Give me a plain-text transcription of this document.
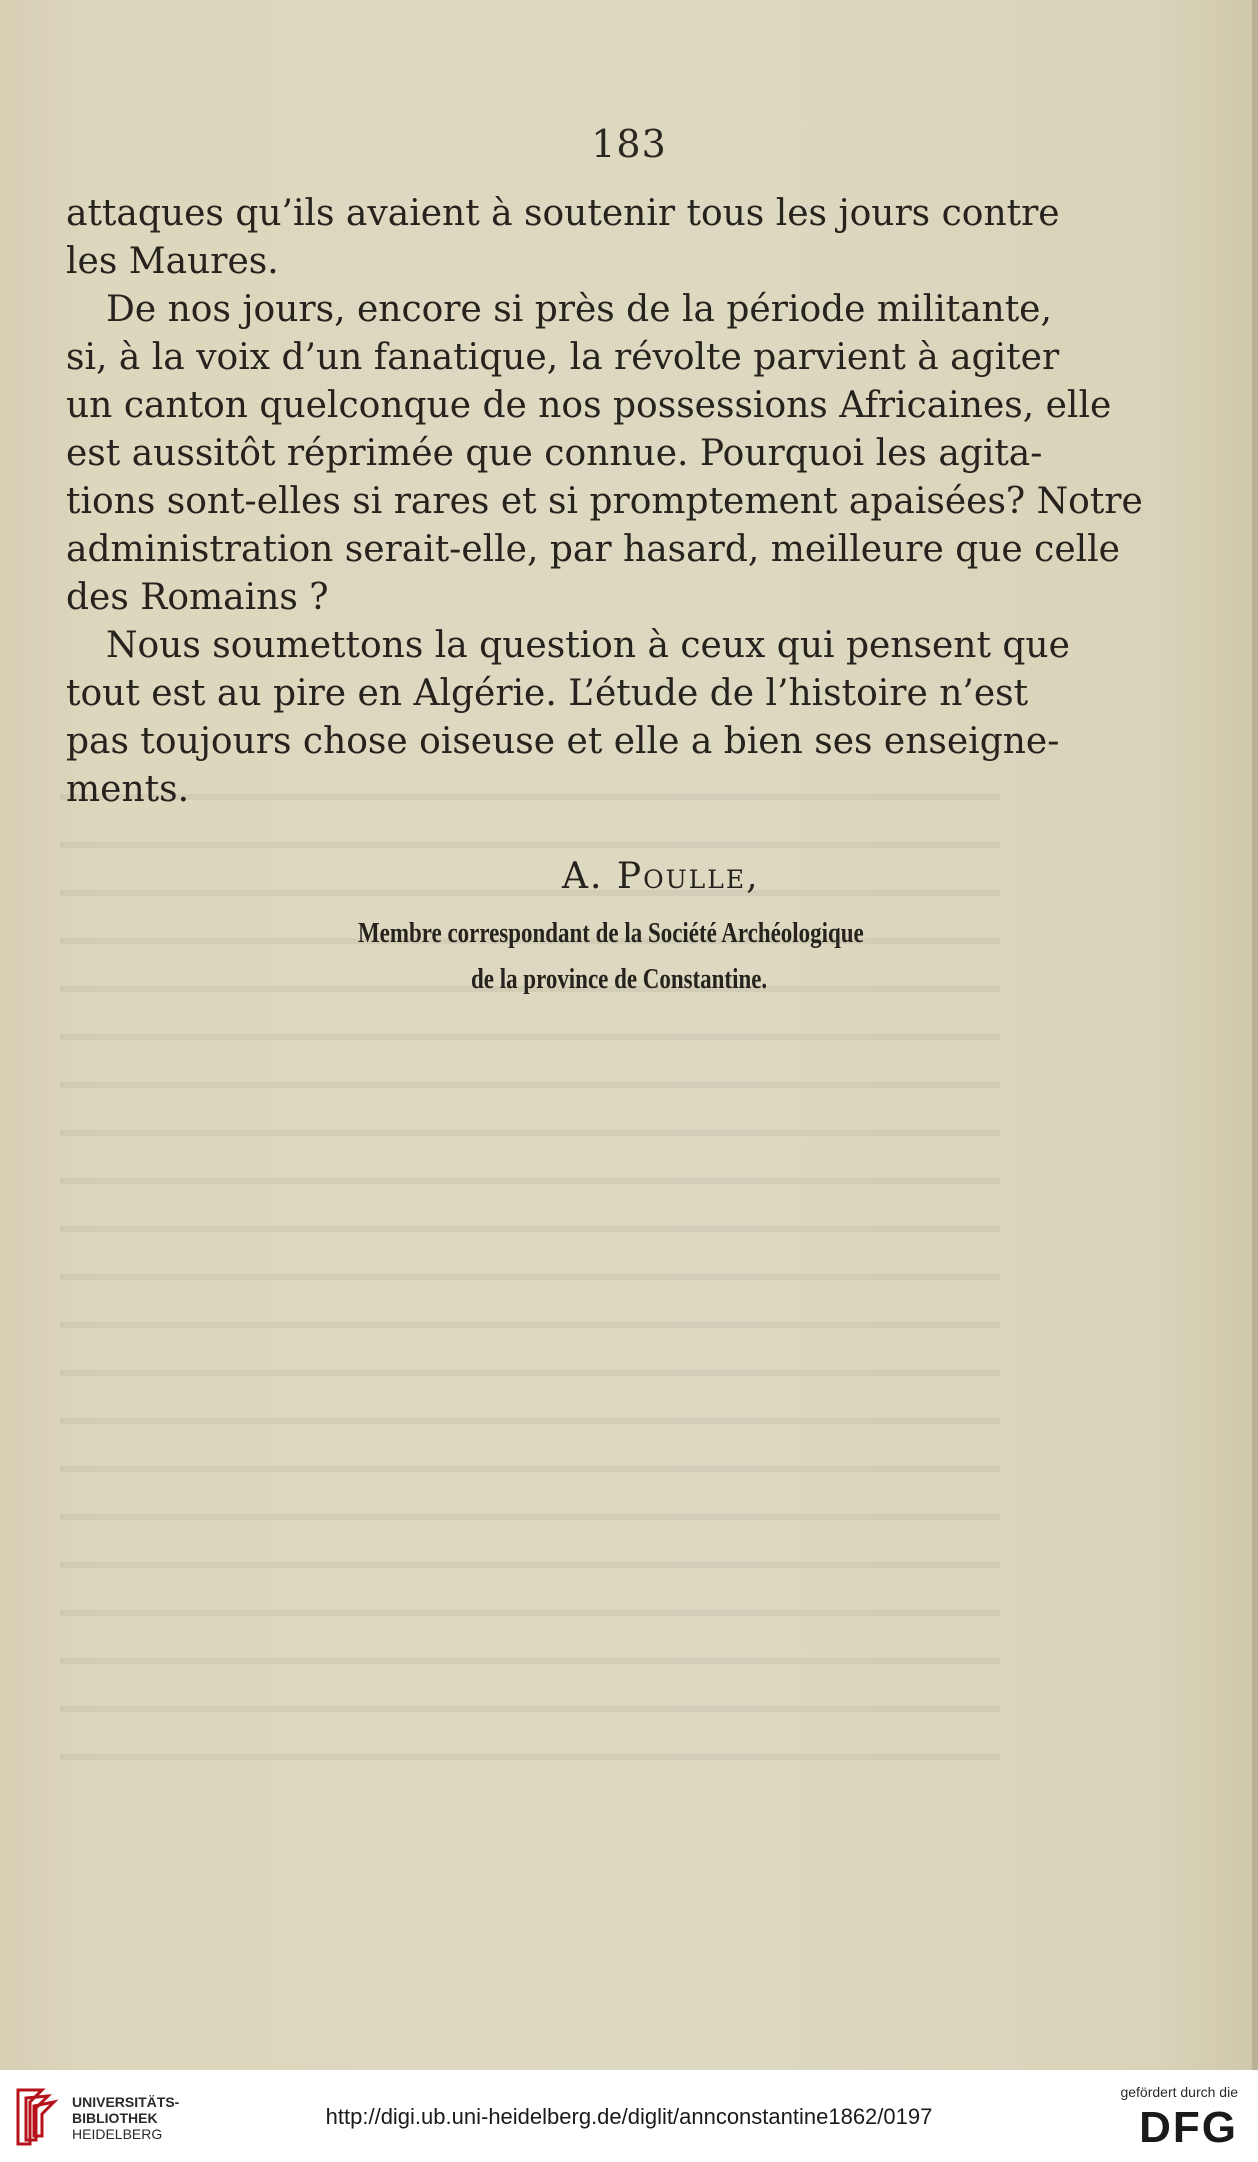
183
attaques qu’ils avaient à soutenir tous les jours contre
les Maures.
De nos jours, encore si près de la période militante,
si, à la voix d’un fanatique, la révolte parvient à agiter
un canton quelconque de nos possessions Africaines, elle
est aussitôt réprimée que connue. Pourquoi les agita-
tions sont-elles si rares et si promptement apaisées? Notre
administration serait-elle, par hasard, meilleure que celle
des Romains ?
Nous soumettons la question à ceux qui pensent que
tout est au pire en Algérie. L’étude de l’histoire n’est
pas toujours chose oiseuse et elle a bien ses enseigne-
ments.
A. Poulle,
Membre correspondant de la Société Archéologique
de la province de Constantine.
UNIVERSITÄTS-
BIBLIOTHEK
HEIDELBERG
http://digi.ub.uni-heidelberg.de/diglit/annconstantine1862/0197
gefördert durch die
DFG
